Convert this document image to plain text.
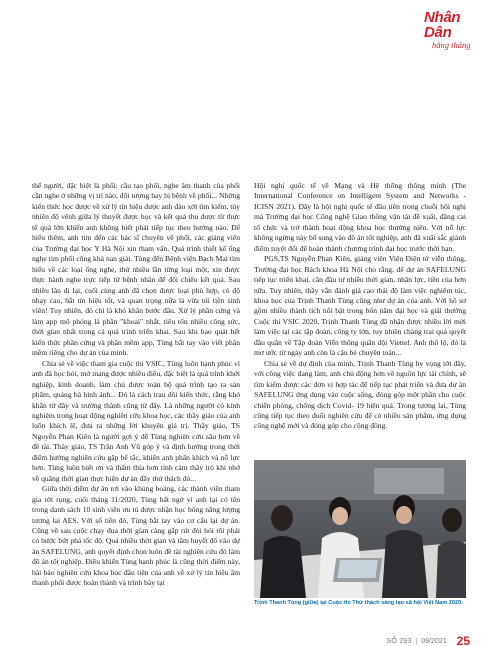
Nhân Dân
hằng tháng

thể người, đặc biệt là phối: cầu tạo phối, nghe âm thanh của phối cần nghe ở những vị trí nào, đối tượng hay bị bệnh về phối... Những kiến thức học được về xử lý tín hiệu được anh đào xới tìm kiếm, tùy nhiên độ vênh giữa lý thuyết được học và kết quả thu được từ thực tế quá lớn khiến anh không biết phải tiếp tục theo hướng nào. Để hiểu thêm, anh tìm đến các bác sĩ chuyên về phổi, các giảng viên của Trường đại học Y Hà Nội xin tham vấn. Quá trình thiết kế ống nghe tim phổi cũng khá nan giải. Tùng đến Bệnh viện Bạch Mai tìm hiểu về các loại ống nghe, thử nhiều lần từng loại một, xin được thực hành nghe trực tiếp từ bệnh nhân để đối chiếu kết quả. Sau nhiều lần đi lại, cuối cùng anh đã chọn được loại phù hợp, có độ nhạy cao, bắt tín hiệu tốt, và quan trọng nữa là vừa túi tiền sinh viên! Tuy nhiên, đó chỉ là khó khăn bước đầu. Xử lý phần cứng và làm app mô phỏng là phần "khoai" nhất, tiêu tốn nhiều công sức, thời gian nhất trong cả quá trình triển khai. Sau khi bao quát hết kiến thức phần cứng và phần mềm app, Tùng bắt tay vào viết phần mềm riêng cho dự án của mình.

Chia sẻ về việc tham gia cuộc thi VSIC, Tùng luôn hạnh phúc vì anh đã học hỏi, mở mang được nhiều điều, đặc biệt là quá trình khởi nghiệp, kinh doanh, làm chủ được toàn bộ quá trình tạo ra sản phẩm, quảng bá hình ảnh... Đó là cách trau dồi kiến thức, rằng khó khăn từ đây và trường thành cũng từ đây. Là những người có kinh nghiệm trong hoạt động nghiên cứu khoa học, các thầy giáo của anh luôn khích lệ, đưa ra những lời khuyên giá trị. Thầy giáo, TS Nguyễn Phan Kiên là người gợi ý để Tùng nghiên cứu sâu hơn về đề tài. Thầy giáo, TS Trần Anh Vũ góp ý và định hướng trong thời điểm hướng nghiên cứu gặp bế tắc, khiến anh phấn khích và nỗ lực hơn. Tùng luôn biết ơn và thấm thía hơn tình cảm thầy trò khi nhớ về quãng thời gian thực hiện dự án đầy thử thách đó...

Giữa thời điểm dự án rơi vào khủng hoảng, các thành viên tham gia rời rụng, cuối tháng 11/2020, Tùng bất ngờ vì anh lại có tên trong danh sách 10 sinh viên ưu tú được nhận học bổng năng lượng tương lai AES. Với số tiền đó, Tùng bắt tay vào cơ cấu lại dự án. Cũng về sau cuộc chạy đua thời gian càng gấp rút đòi hỏi tôi phải có bước bứt phá tốc độ. Quá nhiều thời gian và tâm huyết đổ vào dự án SAFELUNG, anh quyết định chọn luôn đề tài nghiên cứu đó làm đồ án tốt nghiệp. Điều khiến Tùng hạnh phúc là cũng thời điểm này, bài báo nghiên cứu khoa học đầu tiên của anh về xử lý tín hiệu âm thanh phổi được hoàn thành và trình bày tại

Hội nghị quốc tế về Mạng và Hệ thống thông minh (The International Conference on Intelligent System and Networks - ICISN 2021). Đây là hội nghị quốc tế đầu tiên trong chuỗi hội nghị mà Trường đại học Công nghệ Giao thông vận tải đề xuất, đăng cai tổ chức và trở thành hoạt động khoa học thường niên. Với nỗ lực không ngừng này bổ sung vào đồ án tốt nghiệp, anh đã xuất sắc giành điểm tuyệt đối để hoàn thành chương trình đại học trước thời hạn.

PGS,TS Nguyễn Phan Kiên, giảng viên Viện Điện tử viễn thông, Trường đại học Bách khoa Hà Nội cho rằng, để dự án SAFELUNG tiếp tục triển khai, cần đầu tư nhiều thời gian, nhân lực, tiền của hơn nữa. Tuy nhiên, thầy vẫn đánh giá cao thái độ làm việc nghiêm túc, khoa học của Trịnh Thanh Tùng cũng như dự án của anh. Với hồ sơ gồm nhiều thành tích nổi bật trong bốn năm đại học và giải thưởng Cuộc thi VSIC 2020, Trịnh Thanh Tùng đã nhận được nhiều lời mời làm việc tại các tập đoàn, công ty lớn, tuy nhiên chàng trai quả quyết đầu quân về Tập đoàn Viễn thông quân đội Viettel. Anh thổ lộ, đó là mơ ước từ ngày anh còn là cậu bé chuyên toán...

Chia sẻ về dự định của mình, Trịnh Thanh Tùng hy vọng tới đây, với công việc đang làm, anh chủ động hơn về nguồn lực tài chính, sẽ tìm kiếm được các đơn vị hợp tác để tiếp tục phát triển và đưa dự án SAFELUNG ứng dụng vào cuộc sống, đóng góp một phần cho cuộc chiến phòng, chống dịch Covid- 19 hiện quá. Trong tương lai, Tùng cũng tiếp tục theo đuổi nghiên cứu để có nhiều sản phẩm, ứng dụng công nghệ mới và đóng góp cho cộng đồng.

Trịnh Thanh Tùng (giữa) tại Cuộc thi Thử thách sáng tạo xã hội Việt Nam 2020.
SỐ 293 | 09/2021 25
